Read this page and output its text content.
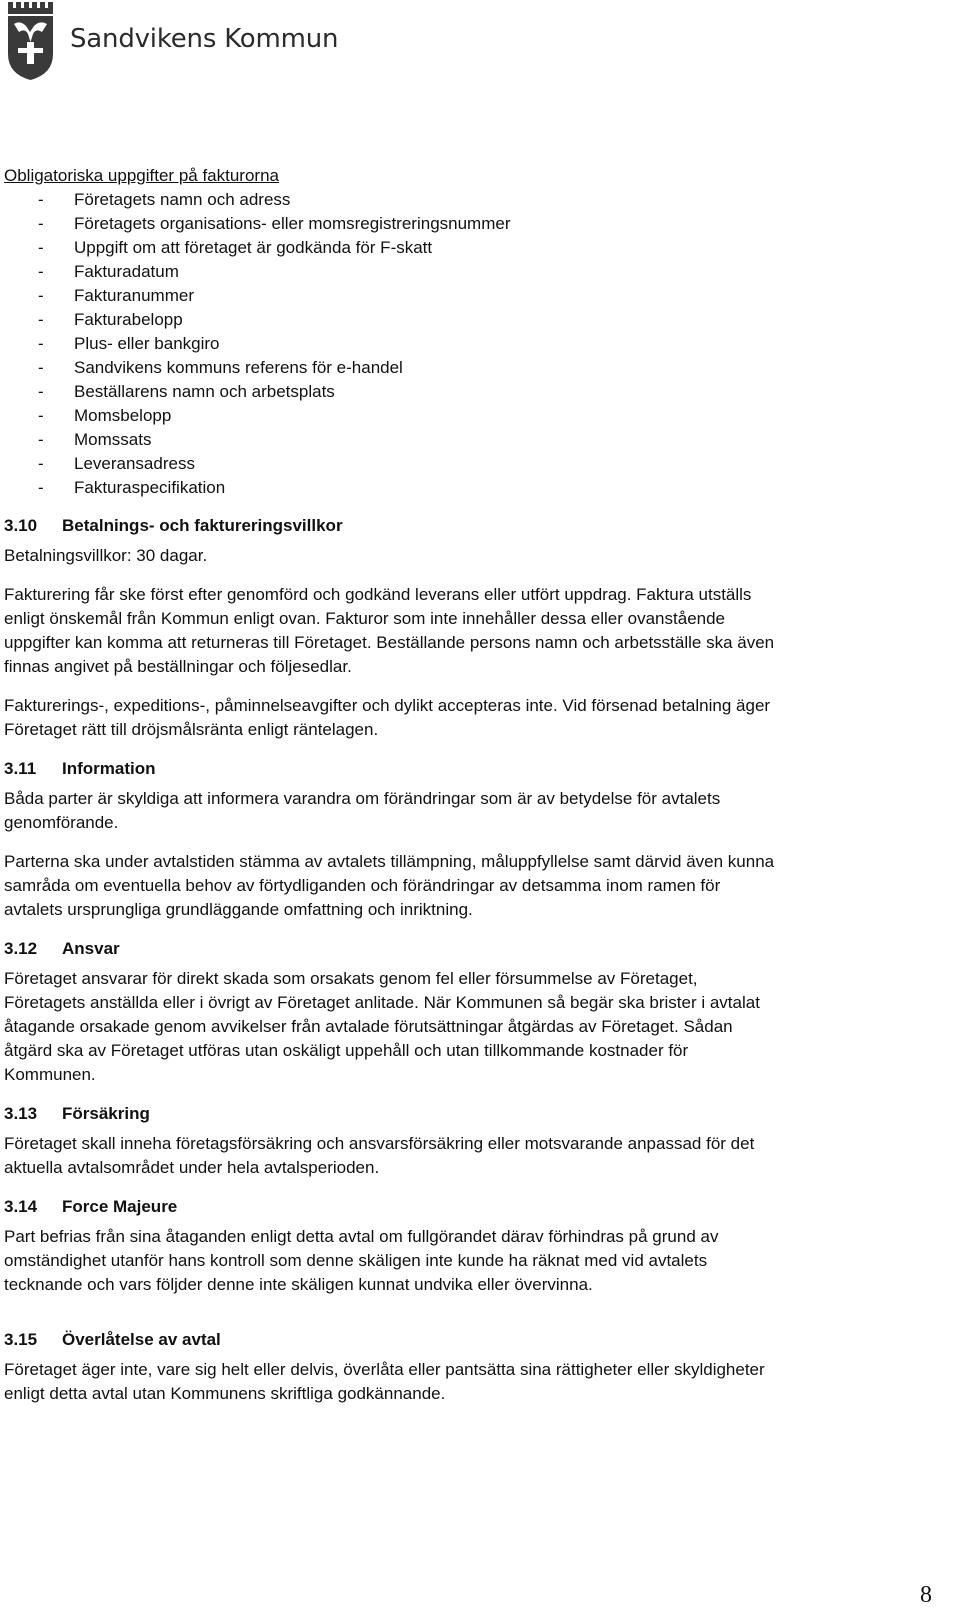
Sandvikens Kommun

Obligatoriska uppgifter på fakturorna

-	Företagets namn och adress
-	Företagets organisations- eller momsregistreringsnummer
-	Uppgift om att företaget är godkända för F-skatt
-	Fakturadatum
-	Fakturanummer
-	Fakturabelopp
-	Plus- eller bankgiro
-	Sandvikens kommuns referens för e-handel
-	Beställarens namn och arbetsplats
-	Momsbelopp
-	Momssats
-	Leveransadress
-	Fakturaspecifikation
3.10	Betalnings- och faktureringsvillkor

Betalningsvillkor: 30 dagar.

Fakturering får ske först efter genomförd och godkänd leverans eller utfört uppdrag. Faktura utställs

enligt önskemål från Kommun enligt ovan. Fakturor som inte innehåller dessa eller ovanstående

uppgifter kan komma att returneras till Företaget. Beställande persons namn och arbetsställe ska även

finnas angivet på beställningar och följesedlar.

Fakturerings-, expeditions-, påminnelseavgifter och dylikt accepteras inte. Vid försenad betalning äger

Företaget rätt till dröjsmålsränta enligt räntelagen.

3.11	Information

Båda parter är skyldiga att informera varandra om förändringar som är av betydelse för avtalets

genomförande.

Parterna ska under avtalstiden stämma av avtalets tillämpning, måluppfyllelse samt därvid även kunna

samråda om eventuella behov av förtydliganden och förändringar av detsamma inom ramen för

avtalets ursprungliga grundläggande omfattning och inriktning.

3.12	Ansvar

Företaget ansvarar för direkt skada som orsakats genom fel eller försummelse av Företaget,

Företagets anställda eller i övrigt av Företaget anlitade. När Kommunen så begär ska brister i avtalat

åtagande orsakade genom avvikelser från avtalade förutsättningar åtgärdas av Företaget. Sådan

åtgärd ska av Företaget utföras utan oskäligt uppehåll och utan tillkommande kostnader för

Kommunen.

3.13	Försäkring

Företaget skall inneha företagsförsäkring och ansvarsförsäkring eller motsvarande anpassad för det

aktuella avtalsområdet under hela avtalsperioden.

3.14	Force Majeure

Part befrias från sina åtaganden enligt detta avtal om fullgörandet därav förhindras på grund av

omständighet utanför hans kontroll som denne skäligen inte kunde ha räknat med vid avtalets

tecknande och vars följder denne inte skäligen kunnat undvika eller övervinna.

3.15	Överlåtelse av avtal

Företaget äger inte, vare sig helt eller delvis, överlåta eller pantsätta sina rättigheter eller skyldigheter

enligt detta avtal utan Kommunens skriftliga godkännande.

8
